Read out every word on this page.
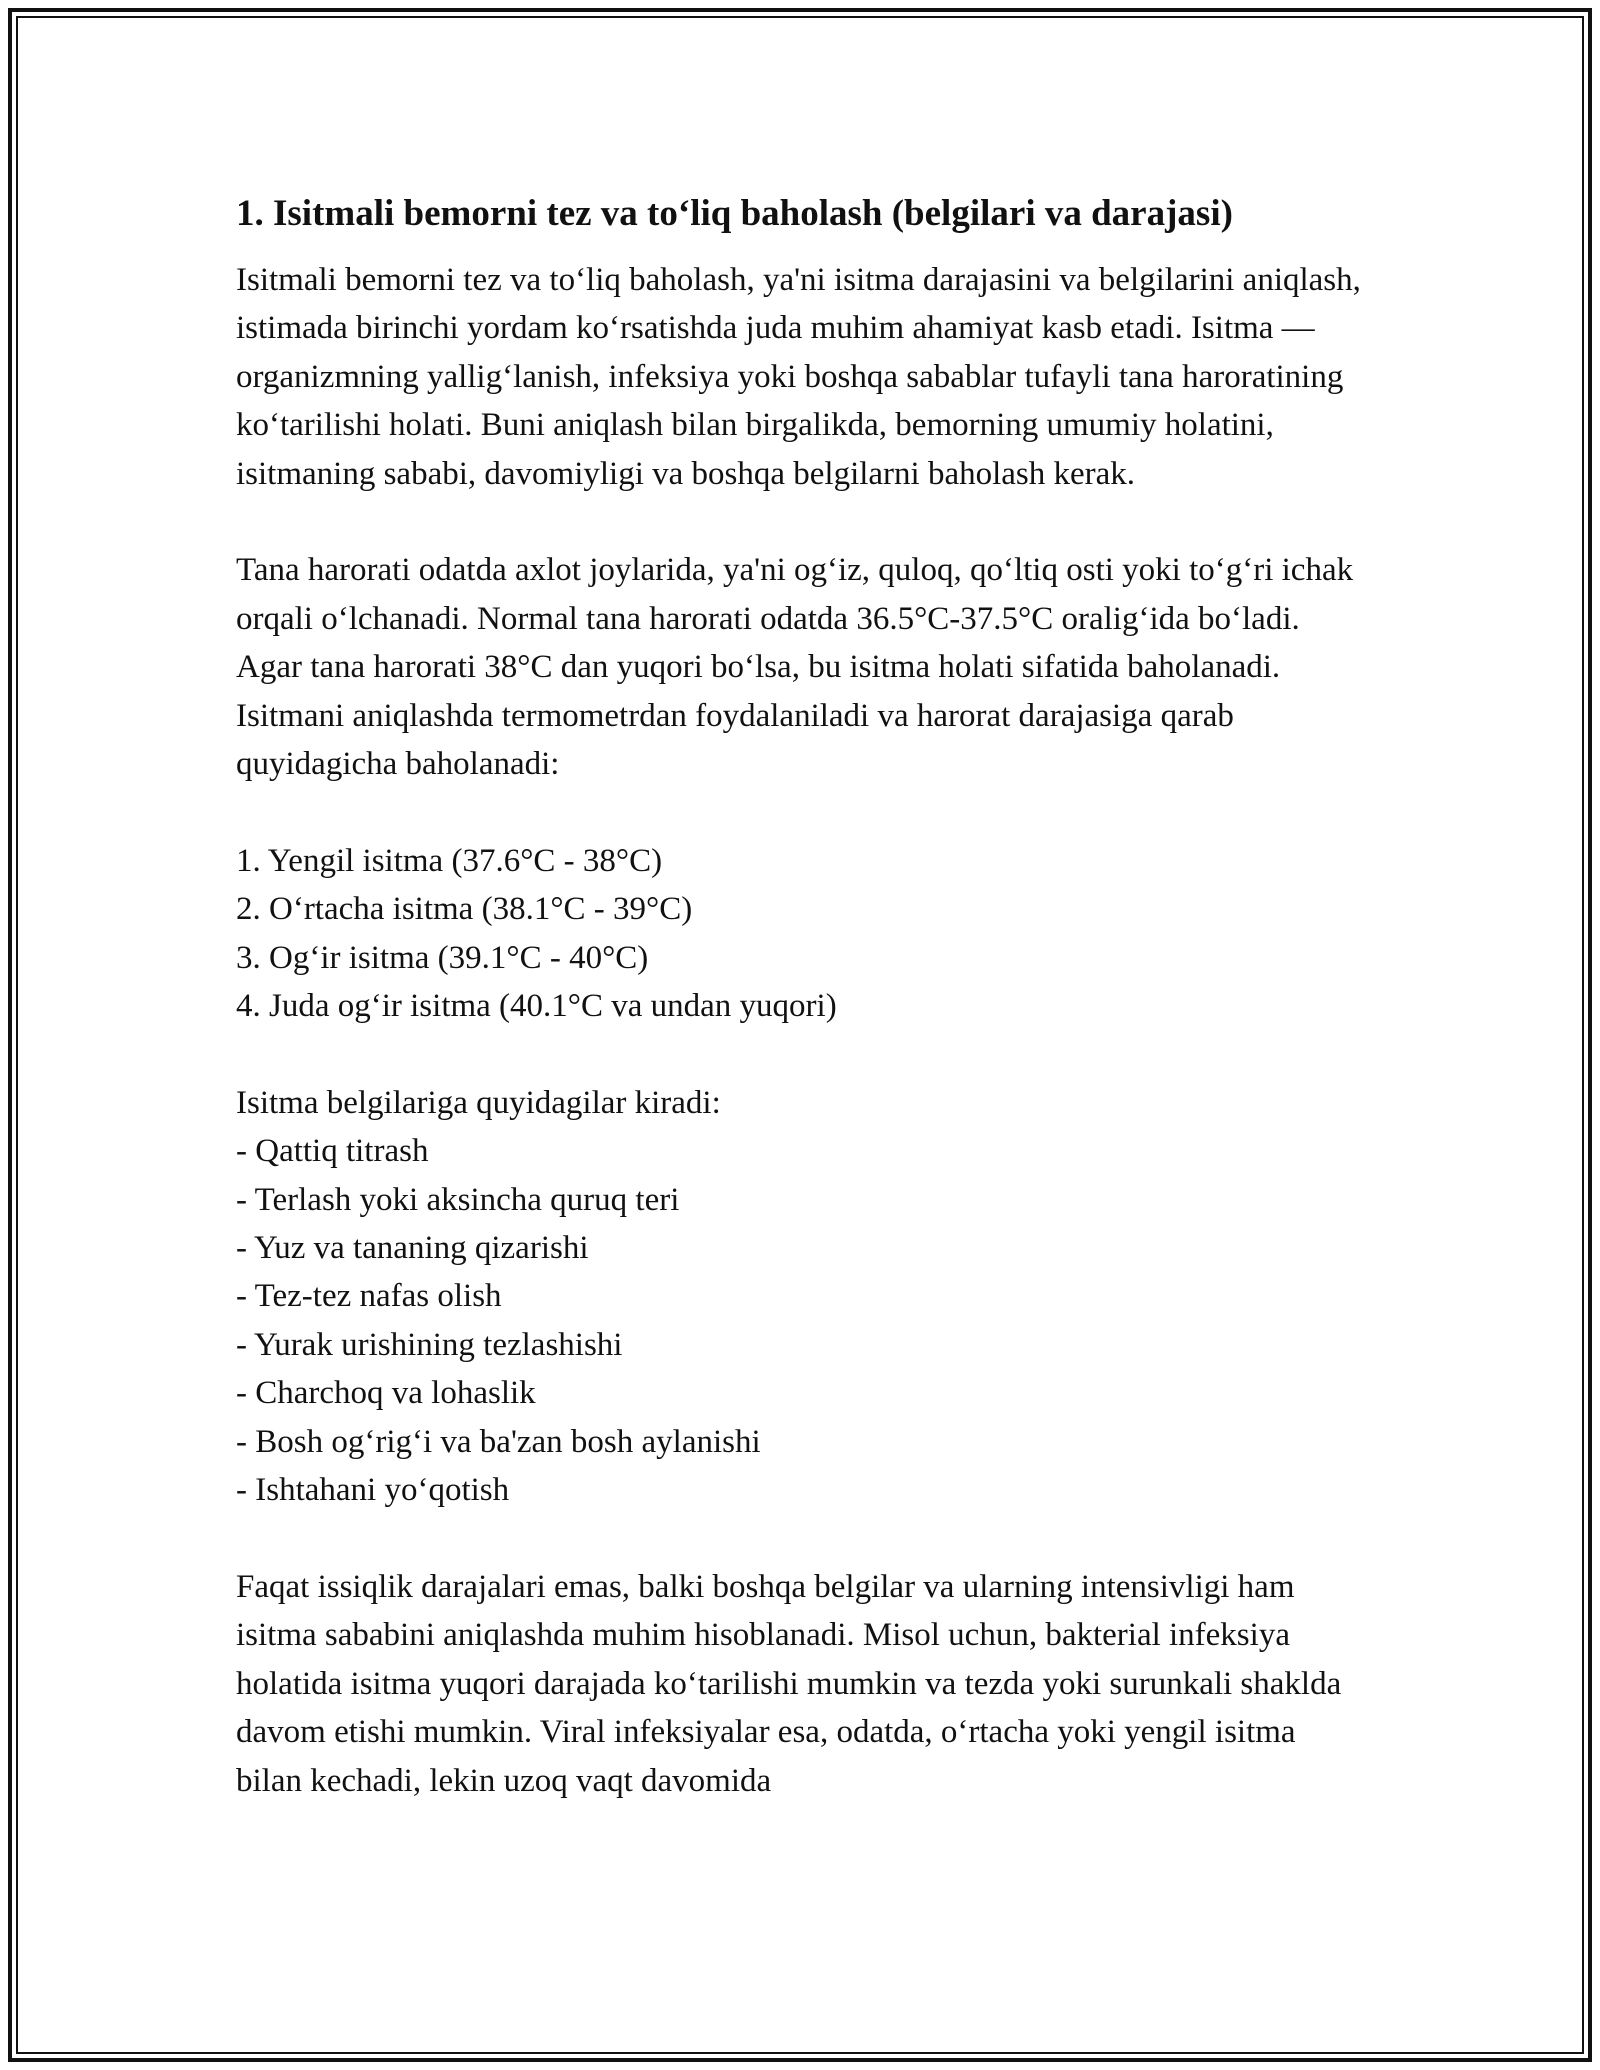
1. Isitmali bemorni tez va to‘liq baholash (belgilari va darajasi)

Isitmali bemorni tez va to‘liq baholash, ya'ni isitma darajasini va belgilarini aniqlash, istimada birinchi yordam ko‘rsatishda juda muhim ahamiyat kasb etadi. Isitma — organizmning yallig‘lanish, infeksiya yoki boshqa sabablar tufayli tana haroratining ko‘tarilishi holati. Buni aniqlash bilan birgalikda, bemorning umumiy holatini, isitmaning sababi, davomiyligi va boshqa belgilarni baholash kerak.

Tana harorati odatda axlot joylarida, ya'ni og‘iz, quloq, qo‘ltiq osti yoki to‘g‘ri ichak orqali o‘lchanadi. Normal tana harorati odatda 36.5°C-37.5°C oralig‘ida bo‘ladi. Agar tana harorati 38°C dan yuqori bo‘lsa, bu isitma holati sifatida baholanadi. Isitmani aniqlashda termometrdan foydalaniladi va harorat darajasiga qarab quyidagicha baholanadi:

1. Yengil isitma (37.6°C - 38°C)
2. O‘rtacha isitma (38.1°C - 39°C)
3. Og‘ir isitma (39.1°C - 40°C)
4. Juda og‘ir isitma (40.1°C va undan yuqori)
Isitma belgilariga quyidagilar kiradi:
- Qattiq titrash
- Terlash yoki aksincha quruq teri
- Yuz va tananing qizarishi
- Tez-tez nafas olish
- Yurak urishining tezlashishi
- Charchoq va lohaslik
- Bosh og‘rig‘i va ba'zan bosh aylanishi
- Ishtahani yo‘qotish

Faqat issiqlik darajalari emas, balki boshqa belgilar va ularning intensivligi ham isitma sababini aniqlashda muhim hisoblanadi. Misol uchun, bakterial infeksiya holatida isitma yuqori darajada ko‘tarilishi mumkin va tezda yoki surunkali shaklda davom etishi mumkin. Viral infeksiyalar esa, odatda, o‘rtacha yoki yengil isitma bilan kechadi, lekin uzoq vaqt davomida
